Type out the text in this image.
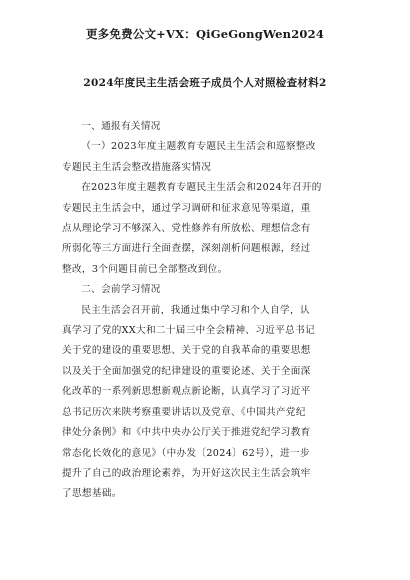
更多免费公文+VX：QiGeGongWen2024
2024年度民主生活会班子成员个人对照检查材料2
一、通报有关情况
（一）2023年度主题教育专题民主生活会和巡察整改
专题民主生活会整改措施落实情况
在2023年度主题教育专题民主生活会和2024年召开的
专题民主生活会中，通过学习调研和征求意见等渠道，重
点从理论学习不够深入、党性修养有所放松、理想信念有
所弱化等三方面进行全面查摆，深刻剖析问题根源，经过
整改，3个问题目前已全部整改到位。
二、会前学习情况
民主生活会召开前，我通过集中学习和个人自学，认
真学习了党的XX大和二十届三中全会精神、习近平总书记
关于党的建设的重要思想、关于党的自我革命的重要思想
以及关于全面加强党的纪律建设的重要论述、关于全面深
化改革的一系列新思想新观点新论断，认真学习了习近平
总书记历次来陕考察重要讲话以及党章、《中国共产党纪
律处分条例》和《中共中央办公厅关于推进党纪学习教育
常态化长效化的意见》（中办发〔2024〕62号），进一步
提升了自己的政治理论素养，为开好这次民主生活会筑牢
了思想基础。
